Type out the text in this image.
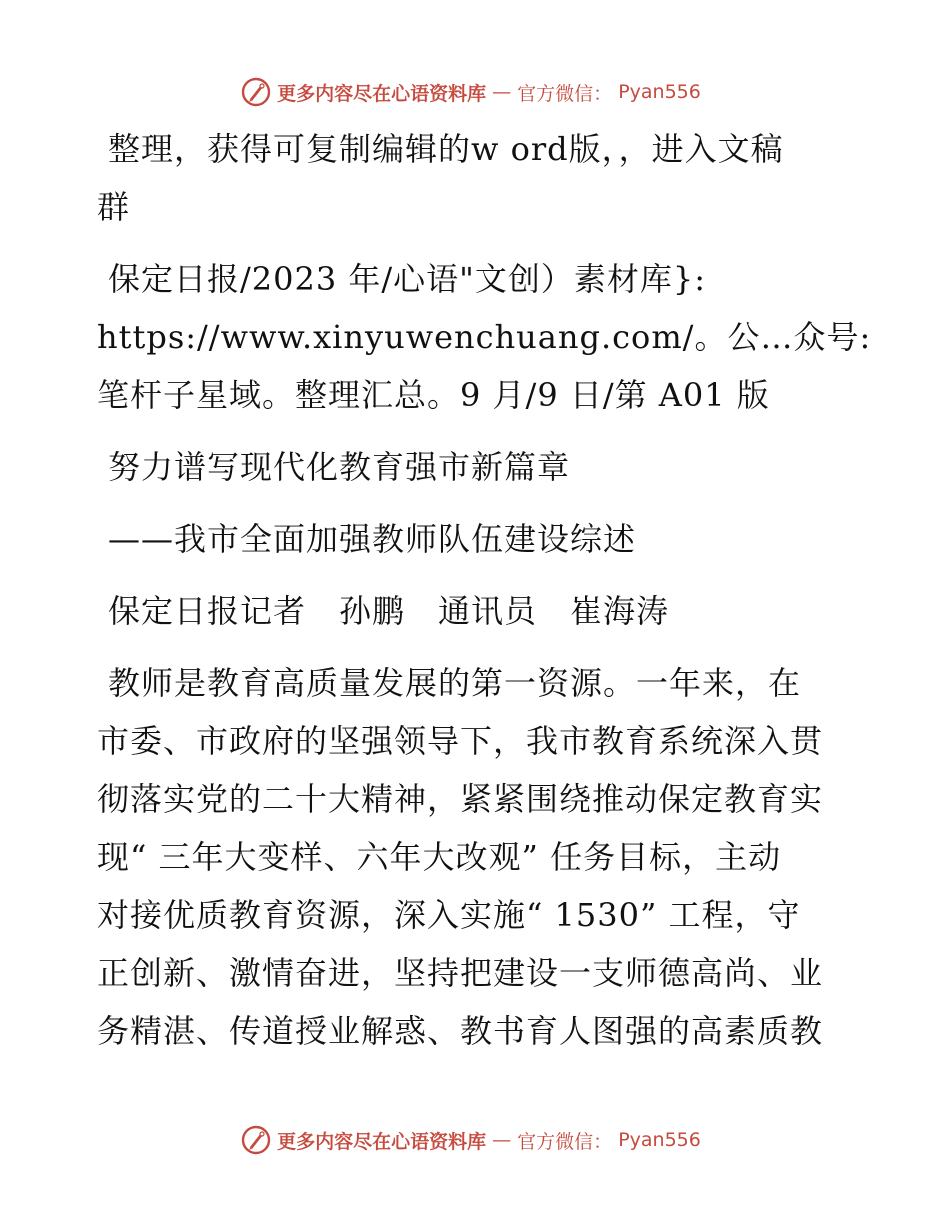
更多内容尽在心语资料库 — 官方微信： Pyan556

整理，获得可复制编辑的w ord版，，进入文稿
群

保定日报/2023 年/心语"文创）素材库}:
https://www.xinyuwenchuang.com/。公…众号:
笔杆子星域。整理汇总。9 月/9 日/第 A01 版

努力谱写现代化教育强市新篇章

——我市全面加强教师队伍建设综述

保定日报记者　孙鹏　通讯员　崔海涛

教师是教育高质量发展的第一资源。一年来，在
市委、市政府的坚强领导下，我市教育系统深入贯
彻落实党的二十大精神，紧紧围绕推动保定教育实
现“ 三年大变样、六年大改观” 任务目标，主动
对接优质教育资源，深入实施“ 1530” 工程，守
正创新、激情奋进，坚持把建设一支师德高尚、业
务精湛、传道授业解惑、教书育人图强的高素质教

更多内容尽在心语资料库 — 官方微信： Pyan556
